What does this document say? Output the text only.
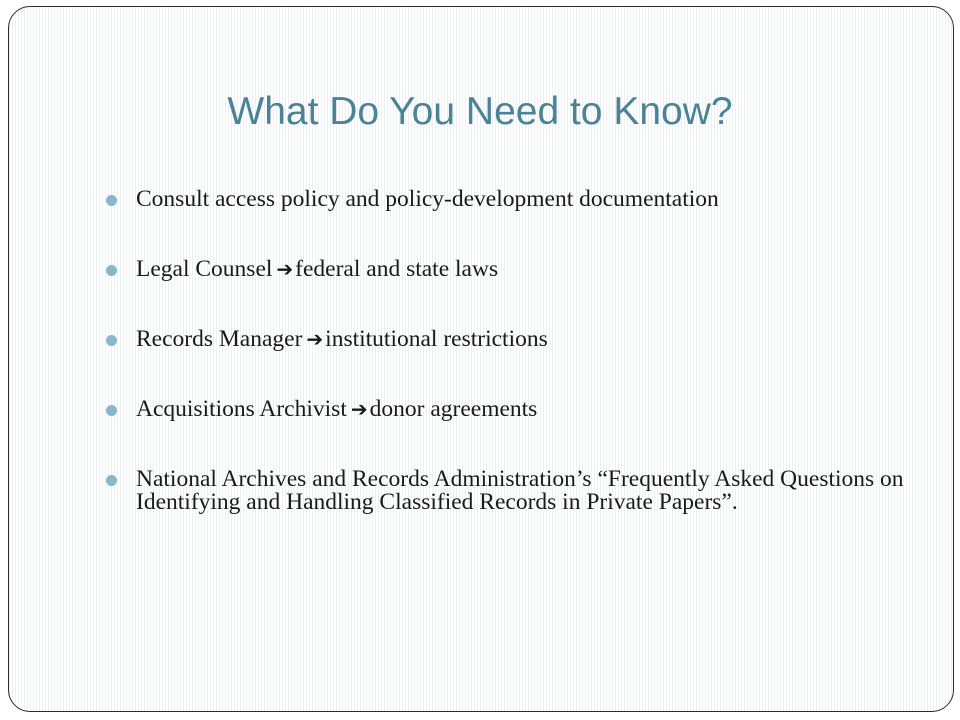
What Do You Need to Know?
Consult access policy and policy-development documentation
Legal Counsel ➔federal and state laws
Records Manager ➔institutional restrictions
Acquisitions Archivist ➔donor agreements
National Archives and Records Administration’s “Frequently Asked Questions on Identifying and Handling Classified Records in Private Papers”.
